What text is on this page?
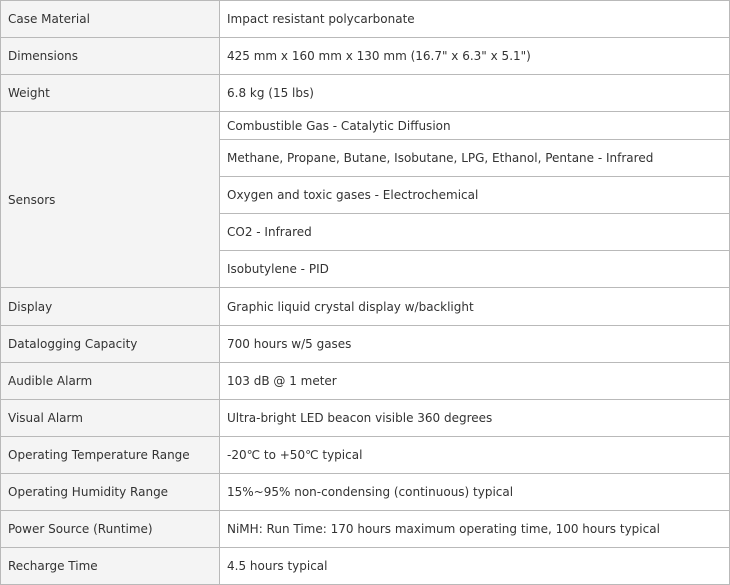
Case Material	Impact resistant polycarbonate
Dimensions	425 mm x 160 mm x 130 mm (16.7" x 6.3" x 5.1")
Weight	6.8 kg (15 lbs)
Sensors	Combustible Gas - Catalytic Diffusion
	Methane, Propane, Butane, Isobutane, LPG, Ethanol, Pentane - Infrared
	Oxygen and toxic gases - Electrochemical
	CO2 - Infrared
	Isobutylene - PID
Display	Graphic liquid crystal display w/backlight
Datalogging Capacity	700 hours w/5 gases
Audible Alarm	103 dB @ 1 meter
Visual Alarm	Ultra-bright LED beacon visible 360 degrees
Operating Temperature Range	-20℃ to +50℃ typical
Operating Humidity Range	15%~95% non-condensing (continuous) typical
Power Source (Runtime)	NiMH: Run Time: 170 hours maximum operating time, 100 hours typical
Recharge Time	4.5 hours typical
